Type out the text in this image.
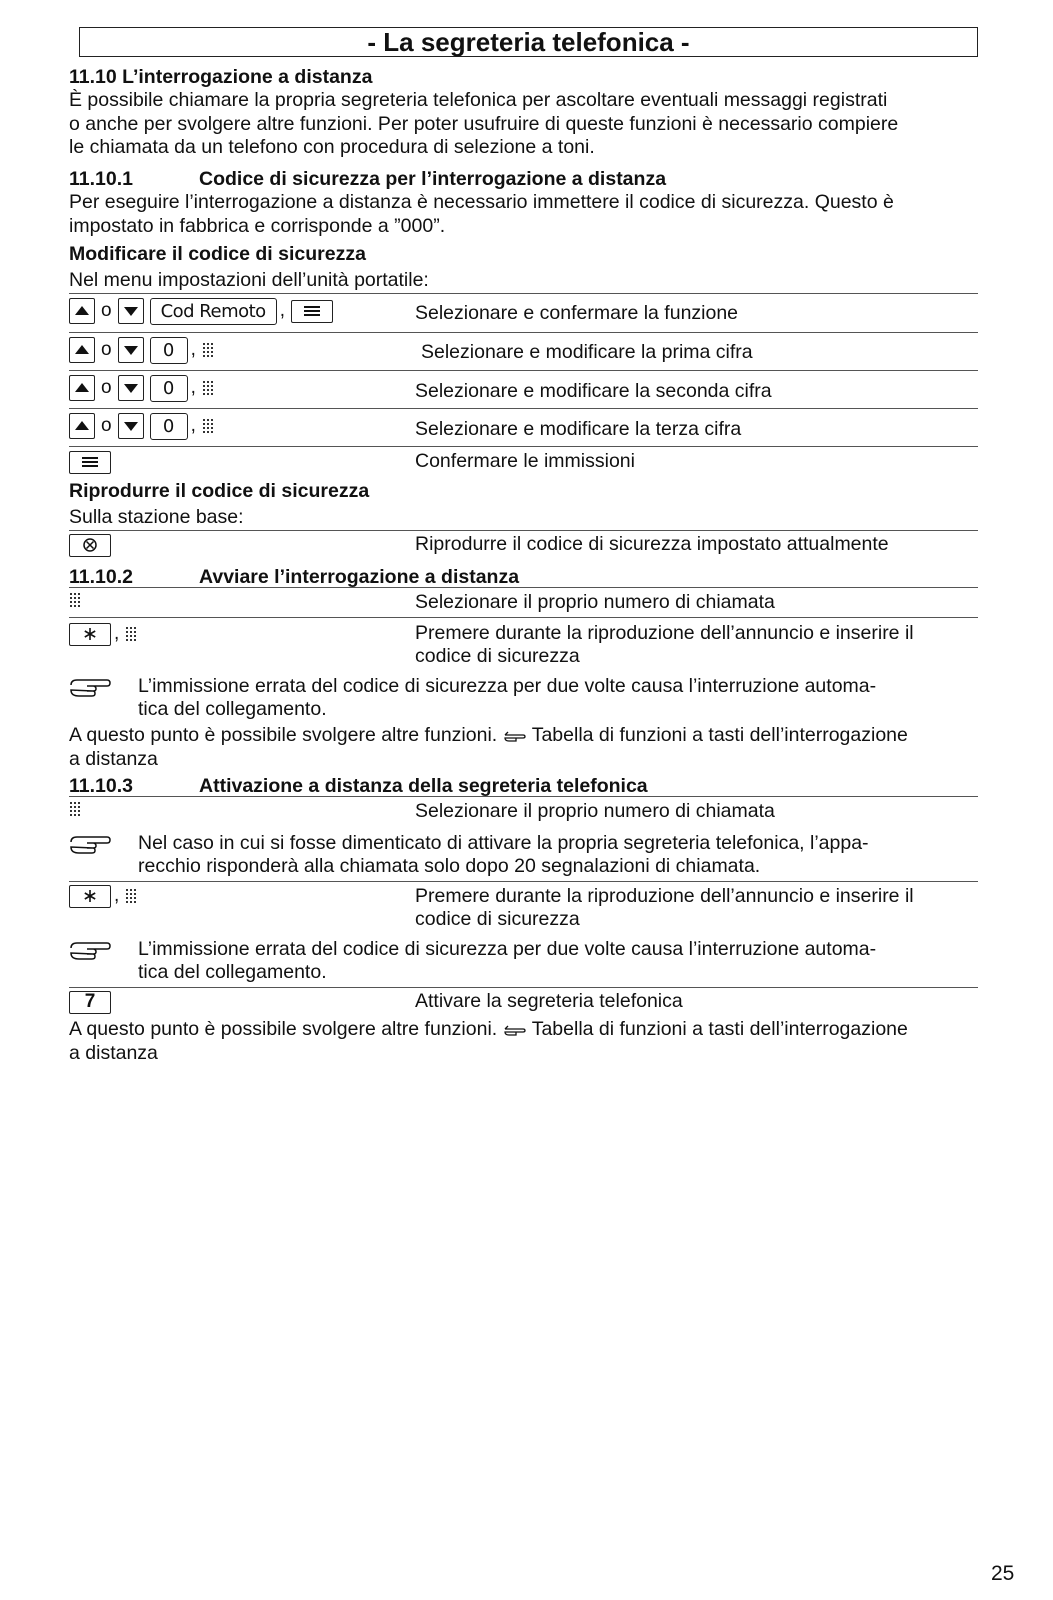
- La segreteria telefonica -
11.10 L’interrogazione a distanza
È possibile chiamare la propria segreteria telefonica per ascoltare eventuali messaggi registrati
o anche per svolgere altre funzioni. Per poter usufruire di queste funzioni è necessario compiere
le chiamata da un telefono con procedura di selezione a toni.
11.10.1	Codice di sicurezza per l’interrogazione a distanza
Per eseguire l’interrogazione a distanza è necessario immettere il codice di sicurezza. Questo è
impostato in fabbrica e corrisponde a ”000”.
Modificare il codice di sicurezza
Nel menu impostazioni dell’unità portatile:
o	Cod Remoto ,	Selezionare e confermare la funzione
o	0 ,	Selezionare e modificare la prima cifra
o	0 ,	Selezionare e modificare la seconda cifra
o	0 ,	Selezionare e modificare la terza cifra
Confermare le immissioni
Riprodurre il codice di sicurezza
Sulla stazione base:
Riprodurre il codice di sicurezza impostato attualmente
11.10.2	Avviare l’interrogazione a distanza
Selezionare il proprio numero di chiamata
,	Premere durante la riproduzione dell’annuncio e inserire il
codice di sicurezza
L’immissione errata del codice di sicurezza per due volte causa l’interruzione automa-
tica del collegamento.
A questo punto è possibile svolgere altre funzioni. Tabella di funzioni a tasti dell’interrogazione
a distanza
11.10.3	Attivazione a distanza della segreteria telefonica
Selezionare il proprio numero di chiamata
Nel caso in cui si fosse dimenticato di attivare la propria segreteria telefonica, l’appa-
recchio risponderà alla chiamata solo dopo 20 segnalazioni di chiamata.
,	Premere durante la riproduzione dell’annuncio e inserire il
codice di sicurezza
L’immissione errata del codice di sicurezza per due volte causa l’interruzione automa-
tica del collegamento.
7	Attivare la segreteria telefonica
A questo punto è possibile svolgere altre funzioni. Tabella di funzioni a tasti dell’interrogazione
a distanza
25
